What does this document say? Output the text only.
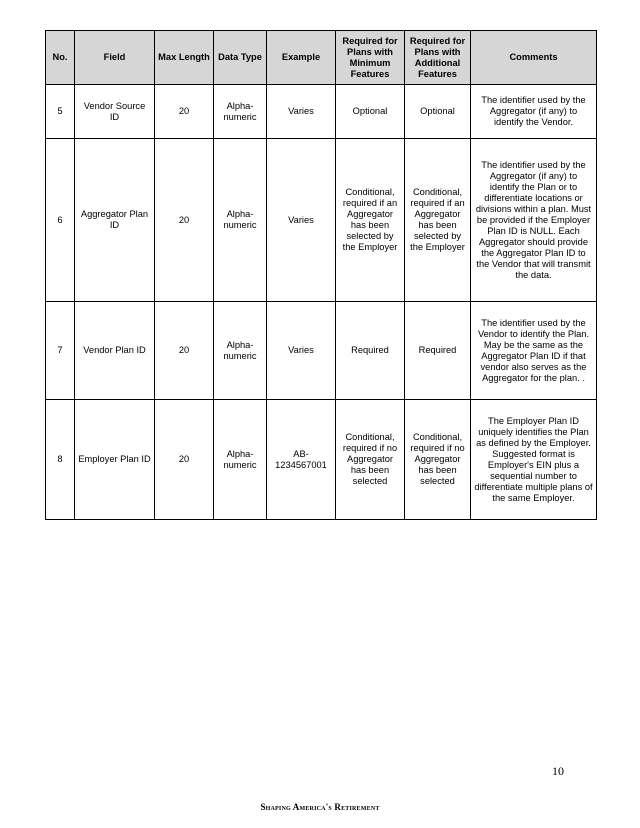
No.	Field	Max Length	Data Type	Example	Required for Plans with Minimum Features	Required for Plans with Additional Features	Comments
5	Vendor Source ID	20	Alpha-numeric	Varies	Optional	Optional	The identifier used by the Aggregator (if any) to identify the Vendor.
6	Aggregator Plan ID	20	Alpha-numeric	Varies	Conditional, required if an Aggregator has been selected by the Employer	Conditional, required if an Aggregator has been selected by the Employer	The identifier used by the Aggregator (if any) to identify the Plan or to differentiate locations or divisions within a plan. Must be provided if the Employer Plan ID is NULL. Each Aggregator should provide the Aggregator Plan ID to the Vendor that will transmit the data.
7	Vendor Plan ID	20	Alpha-numeric	Varies	Required	Required	The identifier used by the Vendor to identify the Plan. May be the same as the Aggregator Plan ID if that vendor also serves as the Aggregator for the plan. .
8	Employer Plan ID	20	Alpha-numeric	AB-1234567001	Conditional, required if no Aggregator has been selected	Conditional, required if no Aggregator has been selected	The Employer Plan ID uniquely identifies the Plan as defined by the Employer. Suggested format is Employer's EIN plus a sequential number to differentiate multiple plans of the same Employer.
10
Shaping America's Retirement
